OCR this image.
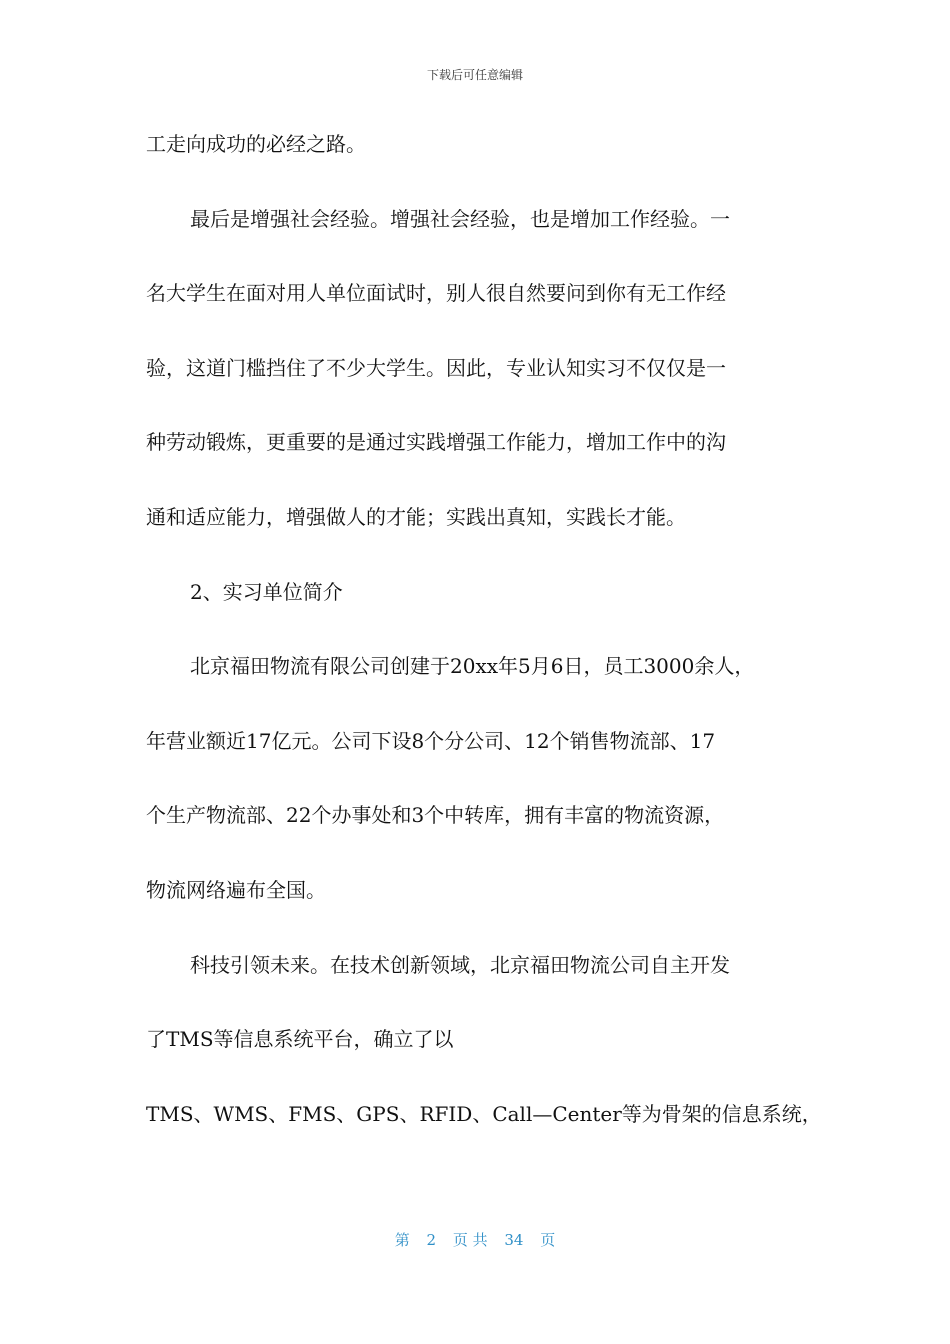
下载后可任意编辑
工走向成功的必经之路。
最后是增强社会经验。增强社会经验，也是增加工作经验。一
名大学生在面对用人单位面试时，别人很自然要问到你有无工作经
验，这道门槛挡住了不少大学生。因此，专业认知实习不仅仅是一
种劳动锻炼，更重要的是通过实践增强工作能力，增加工作中的沟
通和适应能力，增强做人的才能；实践出真知，实践长才能。
2、实习单位简介
北京福田物流有限公司创建于20xx年5月6日，员工3000余人，
年营业额近17亿元。公司下设8个分公司、12个销售物流部、17
个生产物流部、22个办事处和3个中转库，拥有丰富的物流资源，
物流网络遍布全国。
科技引领未来。在技术创新领域，北京福田物流公司自主开发
了TMS等信息系统平台，确立了以
TMS、WMS、FMS、GPS、RFID、Call—Center等为骨架的信息系统，
第 2 页 共 34 页
